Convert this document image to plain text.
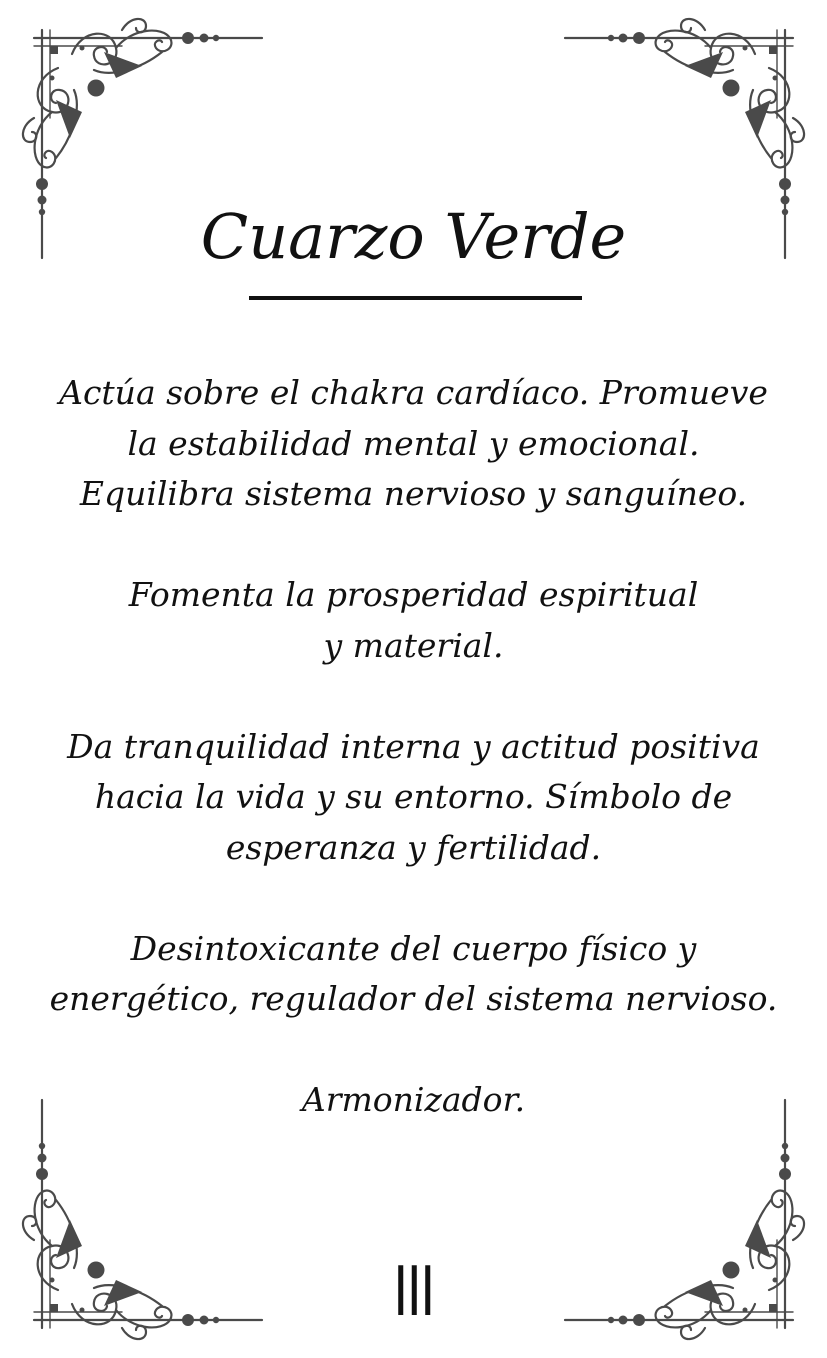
Cuarzo Verde

Actúa sobre el chakra cardíaco. Promueve
la estabilidad mental y emocional.
Equilibra sistema nervioso y sanguíneo.

Fomenta la prosperidad espiritual
y material.

Da tranquilidad interna y actitud positiva
hacia la vida y su entorno. Símbolo de
esperanza y fertilidad.

Desintoxicante del cuerpo físico y
energético, regulador del sistema nervioso.

Armonizador.

III
